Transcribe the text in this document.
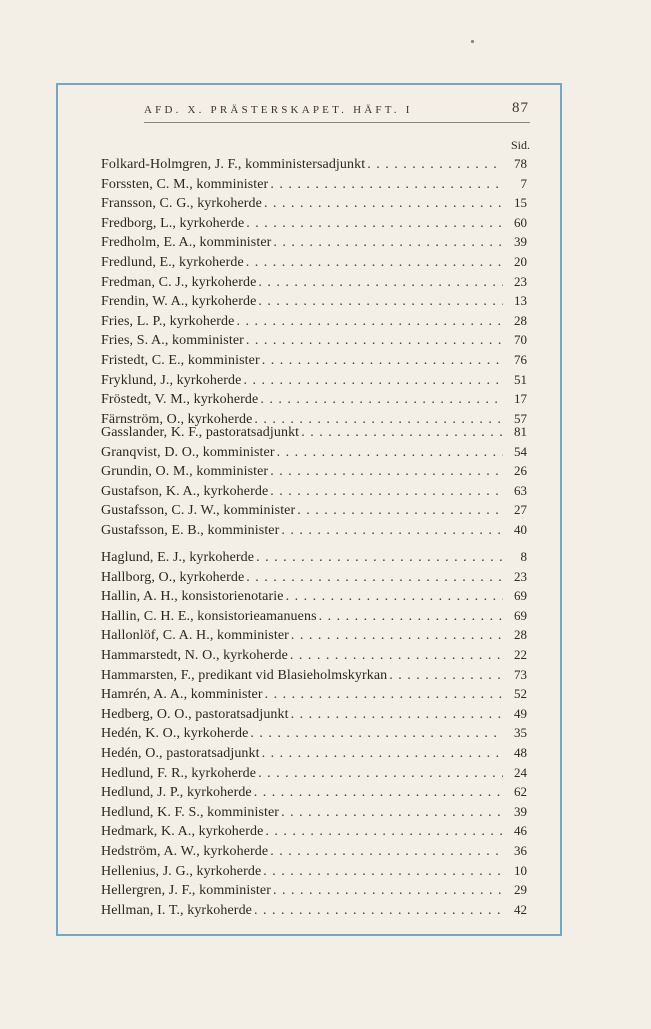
AFD. X. PRÄSTERSKAPET. HÄFT. I	87
Sid.
Folkard-Holmgren, J. F., komministersadjunkt . . .	78
Forssten, C. M., komminister . . .	7
Fransson, C. G., kyrkoherde . . .	15
Fredborg, L., kyrkoherde . . .	60
Fredholm, E. A., komminister . . .	39
Fredlund, E., kyrkoherde . . .	20
Fredman, C. J., kyrkoherde . . .	23
Frendin, W. A., kyrkoherde . . .	13
Fries, L. P., kyrkoherde . . .	28
Fries, S. A., komminister . . .	70
Fristedt, C. E., komminister . . .	76
Fryklund, J., kyrkoherde . . .	51
Fröstedt, V. M., kyrkoherde . . .	17
Färnström, O., kyrkoherde . . .	57
Gasslander, K. F., pastoratsadjunkt . . .	81
Granqvist, D. O., komminister . . .	54
Grundin, O. M., komminister . . .	26
Gustafson, K. A., kyrkoherde . . .	63
Gustafsson, C. J. W., komminister . . .	27
Gustafsson, E. B., komminister . . .	40
Haglund, E. J., kyrkoherde . . .	8
Hallborg, O., kyrkoherde . . .	23
Hallin, A. H., konsistorienotarie . . .	69
Hallin, C. H. E., konsistorieamanuens . . .	69
Hallonlöf, C. A. H., komminister . . .	28
Hammarstedt, N. O., kyrkoherde . . .	22
Hammarsten, F., predikant vid Blasieholmskyrkan . . .	73
Hamrén, A. A., komminister . . .	52
Hedberg, O. O., pastoratsadjunkt . . .	49
Hedén, K. O., kyrkoherde . . .	35
Hedén, O., pastoratsadjunkt . . .	48
Hedlund, F. R., kyrkoherde . . .	24
Hedlund, J. P., kyrkoherde . . .	62
Hedlund, K. F. S., komminister . . .	39
Hedmark, K. A., kyrkoherde . . .	46
Hedström, A. W., kyrkoherde . . .	36
Hellenius, J. G., kyrkoherde . . .	10
Hellergren, J. F., komminister . . .	29
Hellman, I. T., kyrkoherde . . .	42
